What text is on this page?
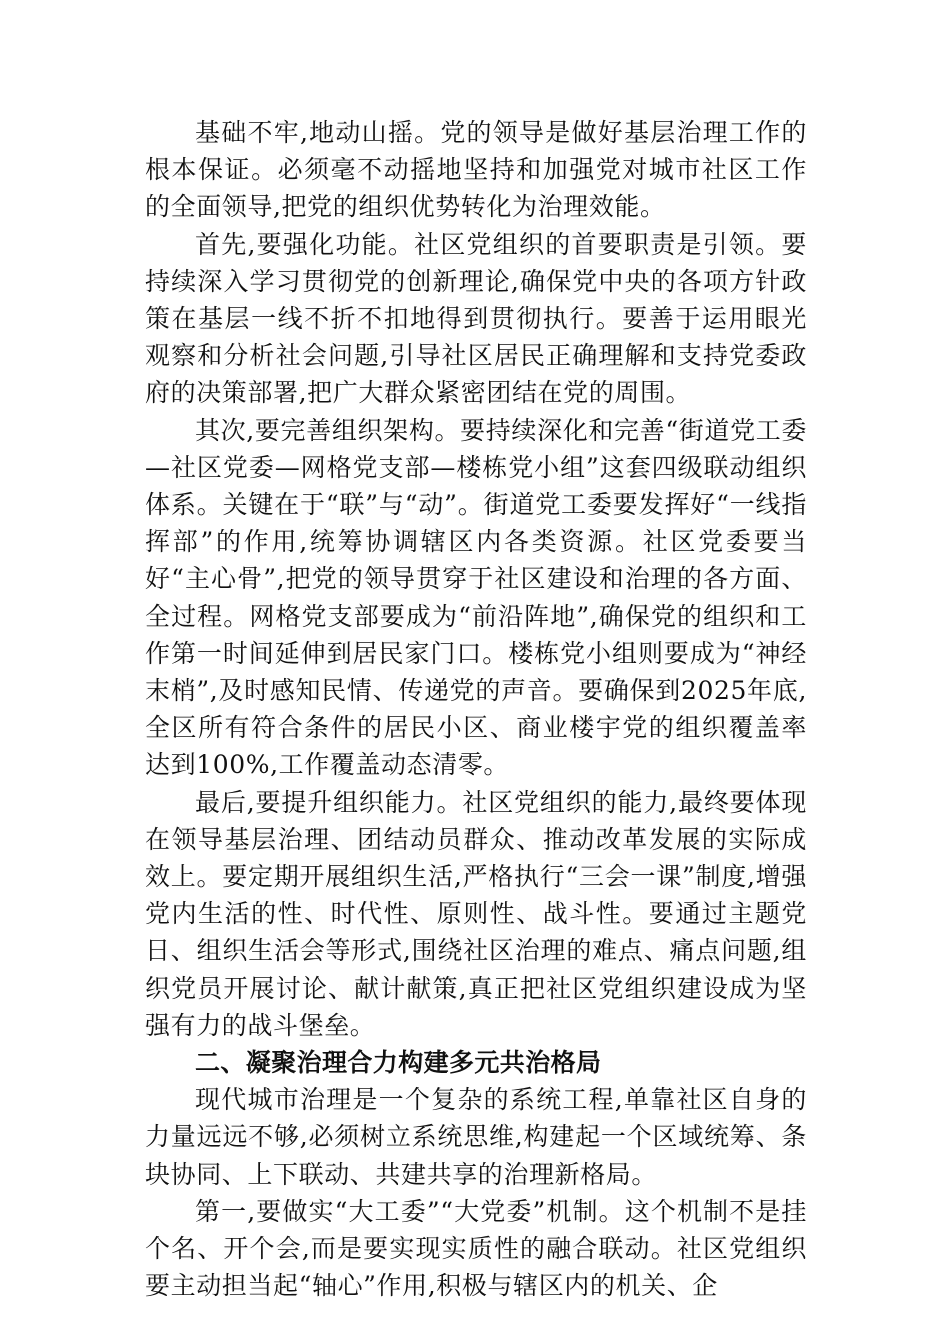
基础不牢,地动山摇。党的领导是做好基层治理工作的根本保证。必须毫不动摇地坚持和加强党对城市社区工作的全面领导,把党的组织优势转化为治理效能。

首先,要强化功能。社区党组织的首要职责是引领。要持续深入学习贯彻党的创新理论,确保党中央的各项方针政策在基层一线不折不扣地得到贯彻执行。要善于运用眼光观察和分析社会问题,引导社区居民正确理解和支持党委政府的决策部署,把广大群众紧密团结在党的周围。

其次,要完善组织架构。要持续深化和完善“街道党工委—社区党委—网格党支部—楼栋党小组”这套四级联动组织体系。关键在于“联”与“动”。街道党工委要发挥好“一线指挥部”的作用,统筹协调辖区内各类资源。社区党委要当好“主心骨”,把党的领导贯穿于社区建设和治理的各方面、全过程。网格党支部要成为“前沿阵地”,确保党的组织和工作第一时间延伸到居民家门口。楼栋党小组则要成为“神经末梢”,及时感知民情、传递党的声音。要确保到2025年底,全区所有符合条件的居民小区、商业楼宇党的组织覆盖率达到100%,工作覆盖动态清零。

最后,要提升组织能力。社区党组织的能力,最终要体现在领导基层治理、团结动员群众、推动改革发展的实际成效上。要定期开展组织生活,严格执行“三会一课”制度,增强党内生活的性、时代性、原则性、战斗性。要通过主题党日、组织生活会等形式,围绕社区治理的难点、痛点问题,组织党员开展讨论、献计献策,真正把社区党组织建设成为坚强有力的战斗堡垒。

二、凝聚治理合力构建多元共治格局

现代城市治理是一个复杂的系统工程,单靠社区自身的力量远远不够,必须树立系统思维,构建起一个区域统筹、条块协同、上下联动、共建共享的治理新格局。

第一,要做实“大工委”“大党委”机制。这个机制不是挂个名、开个会,而是要实现实质性的融合联动。社区党组织要主动担当起“轴心”作用,积极与辖区内的机关、企
